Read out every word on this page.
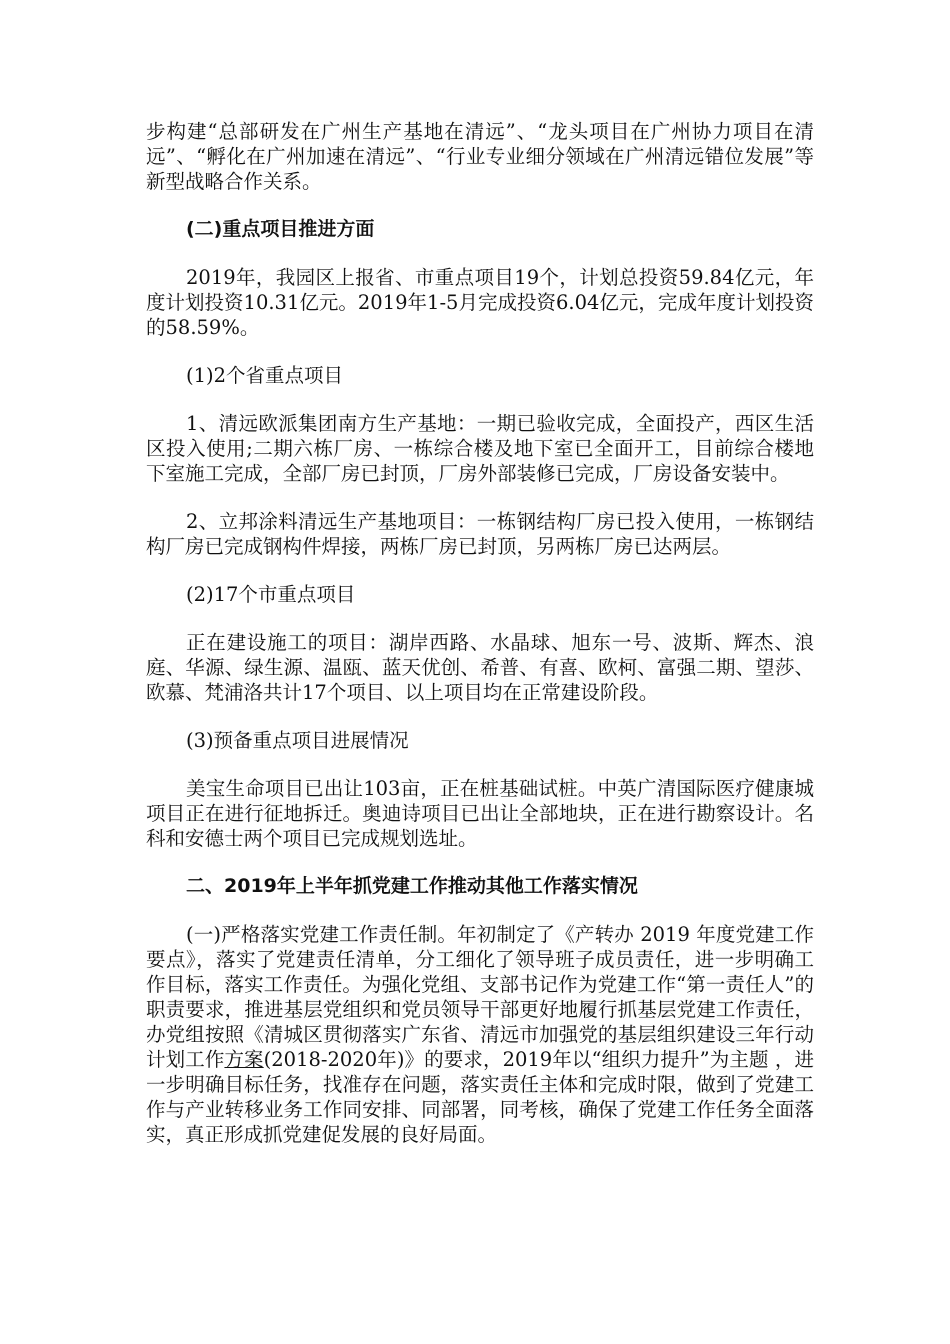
步构建“总部研发在广州生产基地在清远”、“龙头项目在广州协力项目在清远”、“孵化在广州加速在清远”、“行业专业细分领域在广州清远错位发展”等新型战略合作关系。

(二)重点项目推进方面

2019年，我园区上报省、市重点项目19个，计划总投资59.84亿元，年度计划投资10.31亿元。2019年1-5月完成投资6.04亿元，完成年度计划投资的58.59%。

(1)2个省重点项目

1、清远欧派集团南方生产基地：一期已验收完成，全面投产，西区生活区投入使用;二期六栋厂房、一栋综合楼及地下室已全面开工，目前综合楼地下室施工完成，全部厂房已封顶，厂房外部装修已完成，厂房设备安装中。

2、立邦涂料清远生产基地项目：一栋钢结构厂房已投入使用，一栋钢结构厂房已完成钢构件焊接，两栋厂房已封顶，另两栋厂房已达两层。

(2)17个市重点项目

正在建设施工的项目：湖岸西路、水晶球、旭东一号、波斯、辉杰、浪庭、华源、绿生源、温瓯、蓝天优创、希普、有喜、欧柯、富强二期、望莎、欧慕、梵浦洛共计17个项目、以上项目均在正常建设阶段。

(3)预备重点项目进展情况

美宝生命项目已出让103亩，正在桩基础试桩。中英广清国际医疗健康城项目正在进行征地拆迁。奥迪诗项目已出让全部地块，正在进行勘察设计。名科和安德士两个项目已完成规划选址。

二、2019年上半年抓党建工作推动其他工作落实情况

(一)严格落实党建工作责任制。年初制定了《产转办 2019 年度党建工作要点》，落实了党建责任清单，分工细化了领导班子成员责任，进一步明确工作目标，落实工作责任。为强化党组、支部书记作为党建工作“第一责任人”的职责要求，推进基层党组织和党员领导干部更好地履行抓基层党建工作责任，办党组按照《清城区贯彻落实广东省、清远市加强党的基层组织建设三年行动计划工作方案(2018-2020年)》的要求，2019年以“组织力提升”为主题 ，进一步明确目标任务，找准存在问题，落实责任主体和完成时限，做到了党建工作与产业转移业务工作同安排、同部署，同考核，确保了党建工作任务全面落实，真正形成抓党建促发展的良好局面。
